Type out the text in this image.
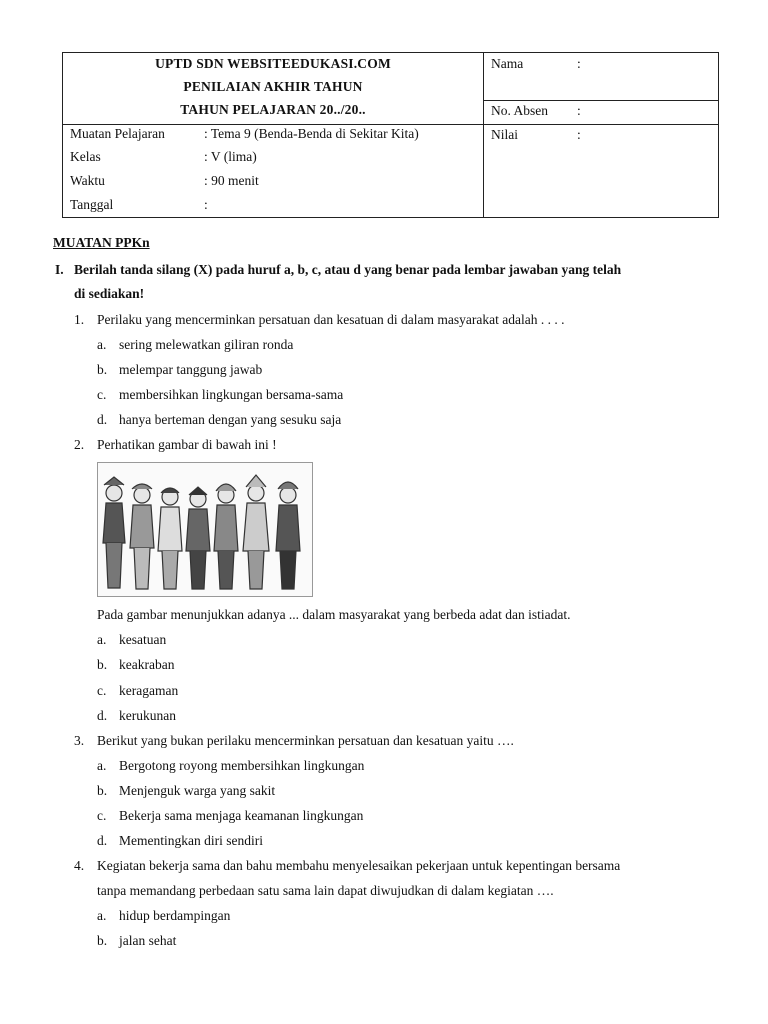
UPTD SDN WEBSITEEDUKASI.COM
PENILAIAN AKHIR TAHUN
TAHUN PELAJARAN 20../20..
Nama	:
No. Absen :
Nilai	:
Muatan Pelajaran	: Tema 9 (Benda-Benda di Sekitar Kita)
Kelas	: V (lima)
Waktu	: 90 menit
Tanggal	:
MUATAN PPKn
I. Berilah tanda silang (X) pada huruf a, b, c, atau d yang benar pada lembar jawaban yang telah
di sediakan!
1. Perilaku yang mencerminkan persatuan dan kesatuan di dalam masyarakat adalah . . . .
a. sering melewatkan giliran ronda
b. melempar tanggung jawab
c. membersihkan lingkungan bersama-sama
d. hanya berteman dengan yang sesuku saja
2. Perhatikan gambar di bawah ini !
Pada gambar menunjukkan adanya ... dalam masyarakat yang berbeda adat dan istiadat.
a. kesatuan
b. keakraban
c. keragaman
d. kerukunan
3. Berikut yang bukan perilaku mencerminkan persatuan dan kesatuan yaitu ….
a. Bergotong royong membersihkan lingkungan
b. Menjenguk warga yang sakit
c. Bekerja sama menjaga keamanan lingkungan
d. Mementingkan diri sendiri
4. Kegiatan bekerja sama dan bahu membahu menyelesaikan pekerjaan untuk kepentingan bersama
tanpa memandang perbedaan satu sama lain dapat diwujudkan di dalam kegiatan ….
a. hidup berdampingan
b. jalan sehat
